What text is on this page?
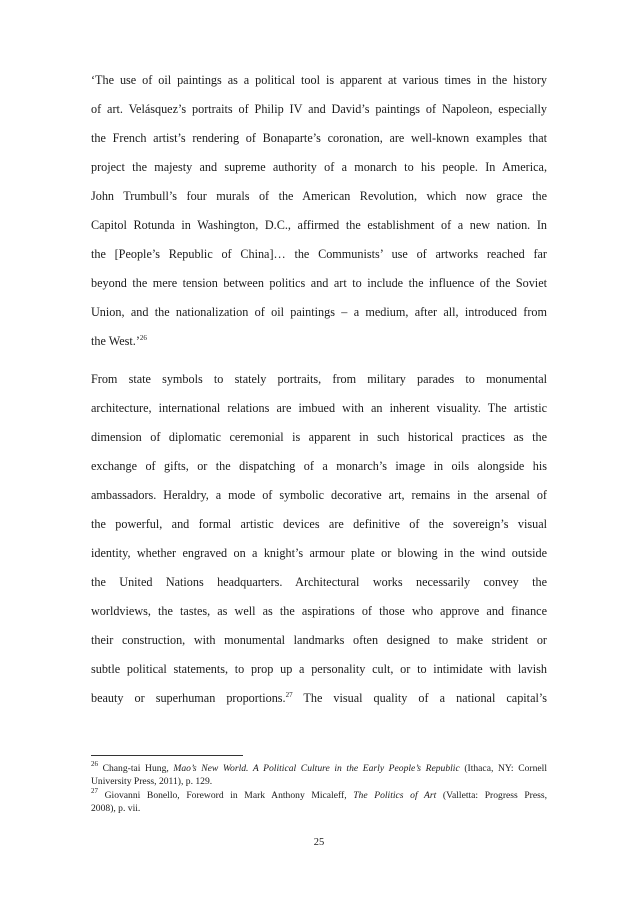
‘The use of oil paintings as a political tool is apparent at various times in the history
of art. Velásquez’s portraits of Philip IV and David’s paintings of Napoleon, especially
the French artist’s rendering of Bonaparte’s coronation, are well-known examples that
project the majesty and supreme authority of a monarch to his people. In America,
John Trumbull’s four murals of the American Revolution, which now grace the
Capitol Rotunda in Washington, D.C., affirmed the establishment of a new nation. In
the [People’s Republic of China]… the Communists’ use of artworks reached far
beyond the mere tension between politics and art to include the influence of the Soviet
Union, and the nationalization of oil paintings – a medium, after all, introduced from
the West.’$^{26}$
From state symbols to stately portraits, from military parades to monumental
architecture, international relations are imbued with an inherent visuality. The artistic
dimension of diplomatic ceremonial is apparent in such historical practices as the
exchange of gifts, or the dispatching of a monarch’s image in oils alongside his
ambassadors. Heraldry, a mode of symbolic decorative art, remains in the arsenal of
the powerful, and formal artistic devices are definitive of the sovereign’s visual
identity, whether engraved on a knight’s armour plate or blowing in the wind outside
the United Nations headquarters. Architectural works necessarily convey the
worldviews, the tastes, as well as the aspirations of those who approve and finance
their construction, with monumental landmarks often designed to make strident or
subtle political statements, to prop up a personality cult, or to intimidate with lavish
beauty or superhuman proportions.$^{27}$ The visual quality of a national capital’s
$^{26}$ Chang-tai Hung, Mao’s New World. A Political Culture in the Early People’s Republic (Ithaca, NY: Cornell
University Press, 2011), p. 129.
$^{27}$ Giovanni Bonello, Foreword in Mark Anthony Micaleff, The Politics of Art (Valletta: Progress Press,
2008), p. vii.
25
